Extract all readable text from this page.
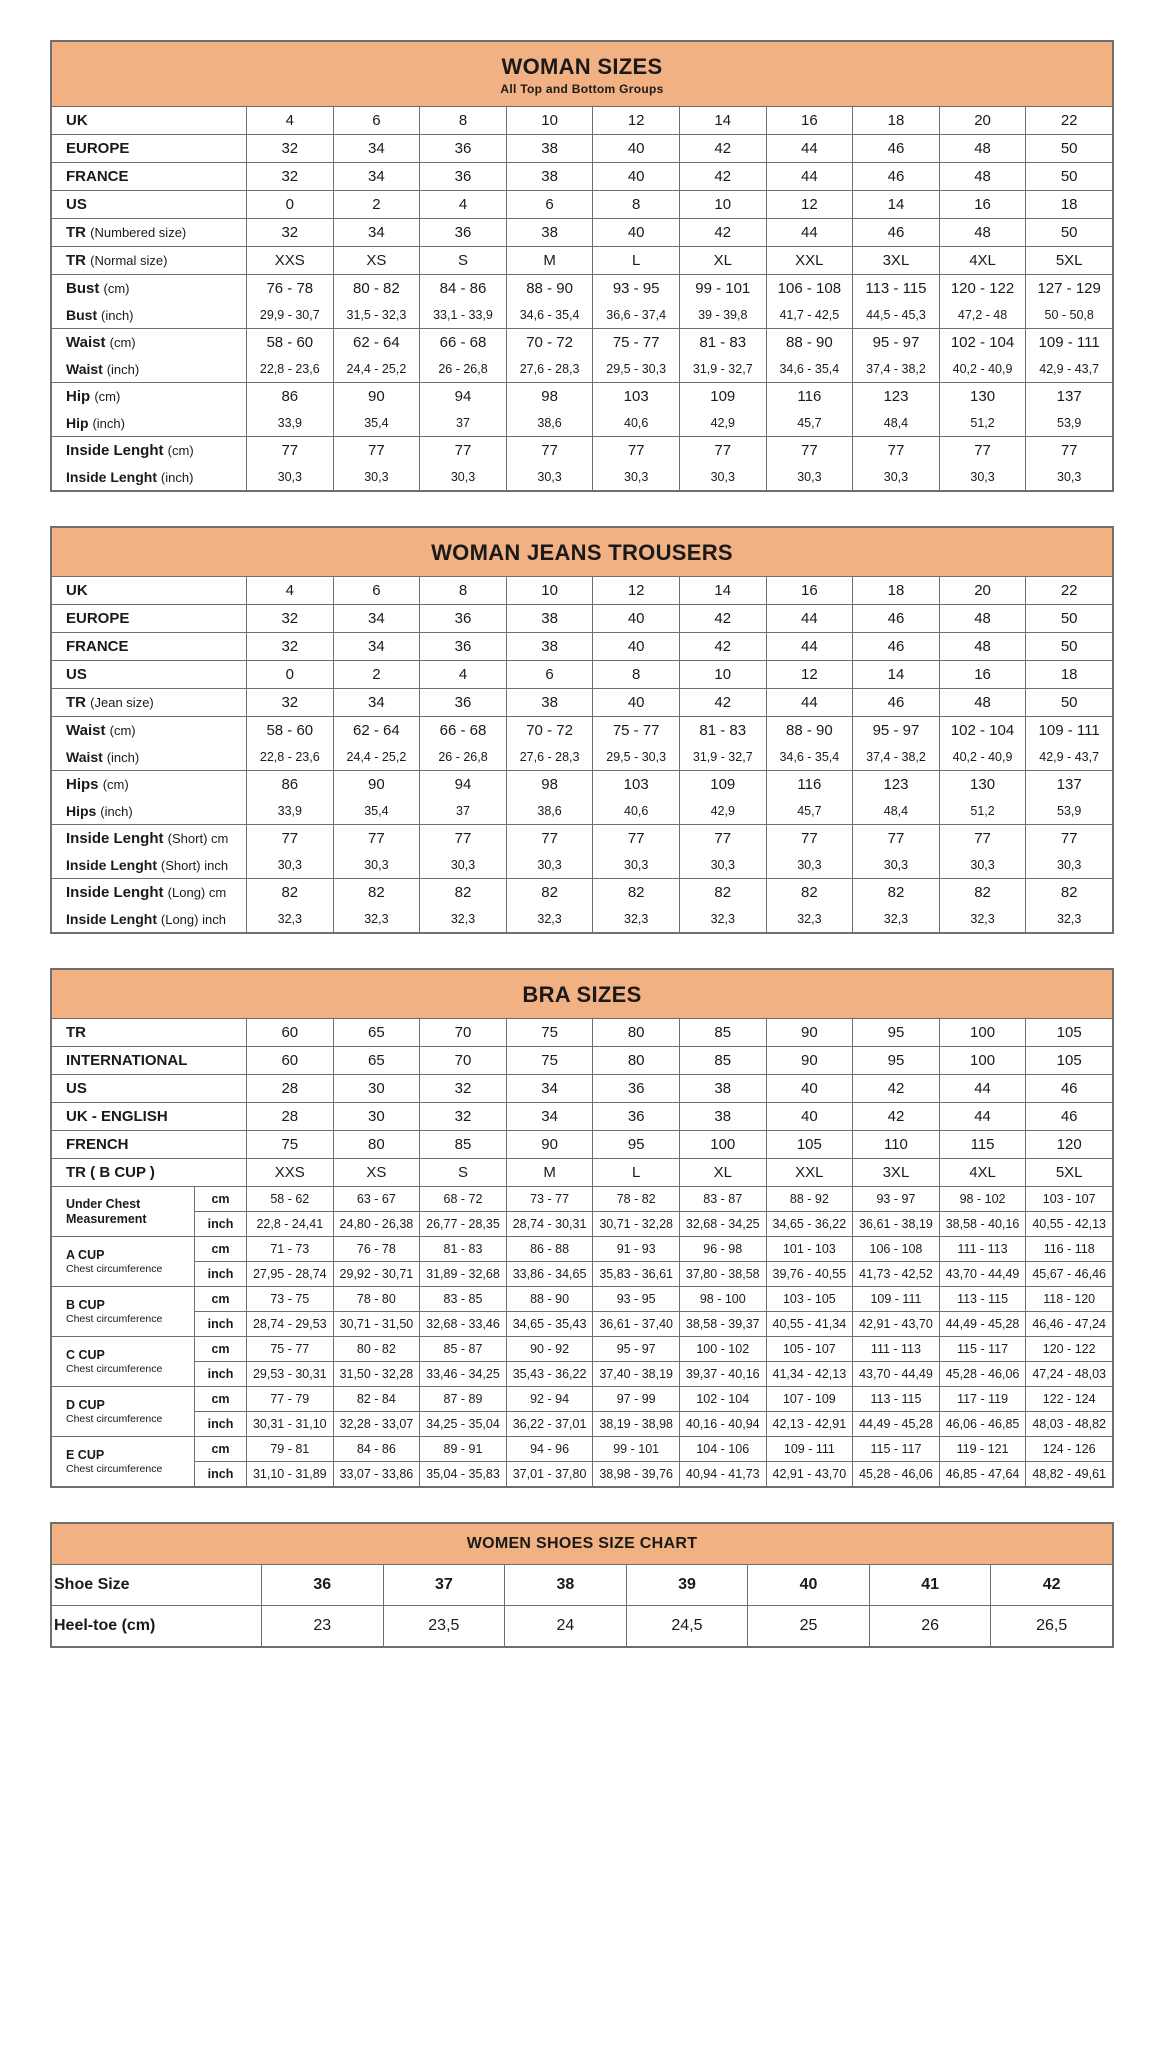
WOMAN SIZES
All Top and Bottom Groups										

UK	4	6	8	10	12	14	16	18	20	22
EUROPE	32	34	36	38	40	42	44	46	48	50
FRANCE	32	34	36	38	40	42	44	46	48	50
US	0	2	4	6	8	10	12	14	16	18
TR (Numbered size)	32	34	36	38	40	42	44	46	48	50
TR (Normal size)	XXS	XS	S	M	L	XL	XXL	3XL	4XL	5XL
Bust (cm)	76 - 78	80 - 82	84 - 86	88 - 90	93 - 95	99 - 101	106 - 108	113 - 115	120 - 122	127 - 129
Bust (inch)	29,9 - 30,7	31,5 - 32,3	33,1 - 33,9	34,6 - 35,4	36,6 - 37,4	39 - 39,8	41,7 - 42,5	44,5 - 45,3	47,2 - 48	50 - 50,8
Waist (cm)	58 - 60	62 - 64	66 - 68	70 - 72	75 - 77	81 - 83	88 - 90	95 - 97	102 - 104	109 - 111
Waist (inch)	22,8 - 23,6	24,4 - 25,2	26 - 26,8	27,6 - 28,3	29,5 - 30,3	31,9 - 32,7	34,6 - 35,4	37,4 - 38,2	40,2 - 40,9	42,9 - 43,7
Hip (cm)	86	90	94	98	103	109	116	123	130	137
Hip (inch)	33,9	35,4	37	38,6	40,6	42,9	45,7	48,4	51,2	53,9
Inside Lenght (cm)	77	77	77	77	77	77	77	77	77	77
Inside Lenght (inch)	30,3	30,3	30,3	30,3	30,3	30,3	30,3	30,3	30,3	30,3
WOMAN JEANS TROUSERS										
UK	4	6	8	10	12	14	16	18	20	22
EUROPE	32	34	36	38	40	42	44	46	48	50
FRANCE	32	34	36	38	40	42	44	46	48	50
US	0	2	4	6	8	10	12	14	16	18
TR (Jean size)	32	34	36	38	40	42	44	46	48	50
Waist (cm)	58 - 60	62 - 64	66 - 68	70 - 72	75 - 77	81 - 83	88 - 90	95 - 97	102 - 104	109 - 111
Waist (inch)	22,8 - 23,6	24,4 - 25,2	26 - 26,8	27,6 - 28,3	29,5 - 30,3	31,9 - 32,7	34,6 - 35,4	37,4 - 38,2	40,2 - 40,9	42,9 - 43,7
Hips (cm)	86	90	94	98	103	109	116	123	130	137
Hips (inch)	33,9	35,4	37	38,6	40,6	42,9	45,7	48,4	51,2	53,9
Inside Lenght (Short) cm	77	77	77	77	77	77	77	77	77	77
Inside Lenght (Short) inch	30,3	30,3	30,3	30,3	30,3	30,3	30,3	30,3	30,3	30,3
Inside Lenght (Long) cm	82	82	82	82	82	82	82	82	82	82
Inside Lenght (Long) inch	32,3	32,3	32,3	32,3	32,3	32,3	32,3	32,3	32,3	32,3
BRA SIZES											
TR		60	65	70	75	80	85	90	95	100	105
INTERNATIONAL		60	65	70	75	80	85	90	95	100	105
US		28	30	32	34	36	38	40	42	44	46
UK - ENGLISH		28	30	32	34	36	38	40	42	44	46
FRENCH		75	80	85	90	95	100	105	110	115	120
TR ( B CUP )		XXS	XS	S	M	L	XL	XXL	3XL	4XL	5XL
Under Chest Measurement	cm	58 - 62	63 - 67	68 - 72	73 - 77	78 - 82	83 - 87	88 - 92	93 - 97	98 - 102	103 - 107
	inch	22,8 - 24,41	24,80 - 26,38	26,77 - 28,35	28,74 - 30,31	30,71 - 32,28	32,68 - 34,25	34,65 - 36,22	36,61 - 38,19	38,58 - 40,16	40,55 - 42,13
A CUP
Chest circumference	cm	71 - 73	76 - 78	81 - 83	86 - 88	91 - 93	96 - 98	101 - 103	106 - 108	111 - 113	116 - 118
	inch	27,95 - 28,74	29,92 - 30,71	31,89 - 32,68	33,86 - 34,65	35,83 - 36,61	37,80 - 38,58	39,76 - 40,55	41,73 - 42,52	43,70 - 44,49	45,67 - 46,46
B CUP
Chest circumference	cm	73 - 75	78 - 80	83 - 85	88 - 90	93 - 95	98 - 100	103 - 105	109 - 111	113 - 115	118 - 120
	inch	28,74 - 29,53	30,71 - 31,50	32,68 - 33,46	34,65 - 35,43	36,61 - 37,40	38,58 - 39,37	40,55 - 41,34	42,91 - 43,70	44,49 - 45,28	46,46 - 47,24
C CUP
Chest circumference	cm	75 - 77	80 - 82	85 - 87	90 - 92	95 - 97	100 - 102	105 - 107	111 - 113	115 - 117	120 - 122
	inch	29,53 - 30,31	31,50 - 32,28	33,46 - 34,25	35,43 - 36,22	37,40 - 38,19	39,37 - 40,16	41,34 - 42,13	43,70 - 44,49	45,28 - 46,06	47,24 - 48,03
D CUP
Chest circumference	cm	77 - 79	82 - 84	87 - 89	92 - 94	97 - 99	102 - 104	107 - 109	113 - 115	117 - 119	122 - 124
	inch	30,31 - 31,10	32,28 - 33,07	34,25 - 35,04	36,22 - 37,01	38,19 - 38,98	40,16 - 40,94	42,13 - 42,91	44,49 - 45,28	46,06 - 46,85	48,03 - 48,82
E CUP
Chest circumference	cm	79 - 81	84 - 86	89 - 91	94 - 96	99 - 101	104 - 106	109 - 111	115 - 117	119 - 121	124 - 126
	inch	31,10 - 31,89	33,07 - 33,86	35,04 - 35,83	37,01 - 37,80	38,98 - 39,76	40,94 - 41,73	42,91 - 43,70	45,28 - 46,06	46,85 - 47,64	48,82 - 49,61
WOMEN SHOES SIZE CHART							
Shoe Size	36	37	38	39	40	41	42
Heel-toe (cm)	23	23,5	24	24,5	25	26	26,5
